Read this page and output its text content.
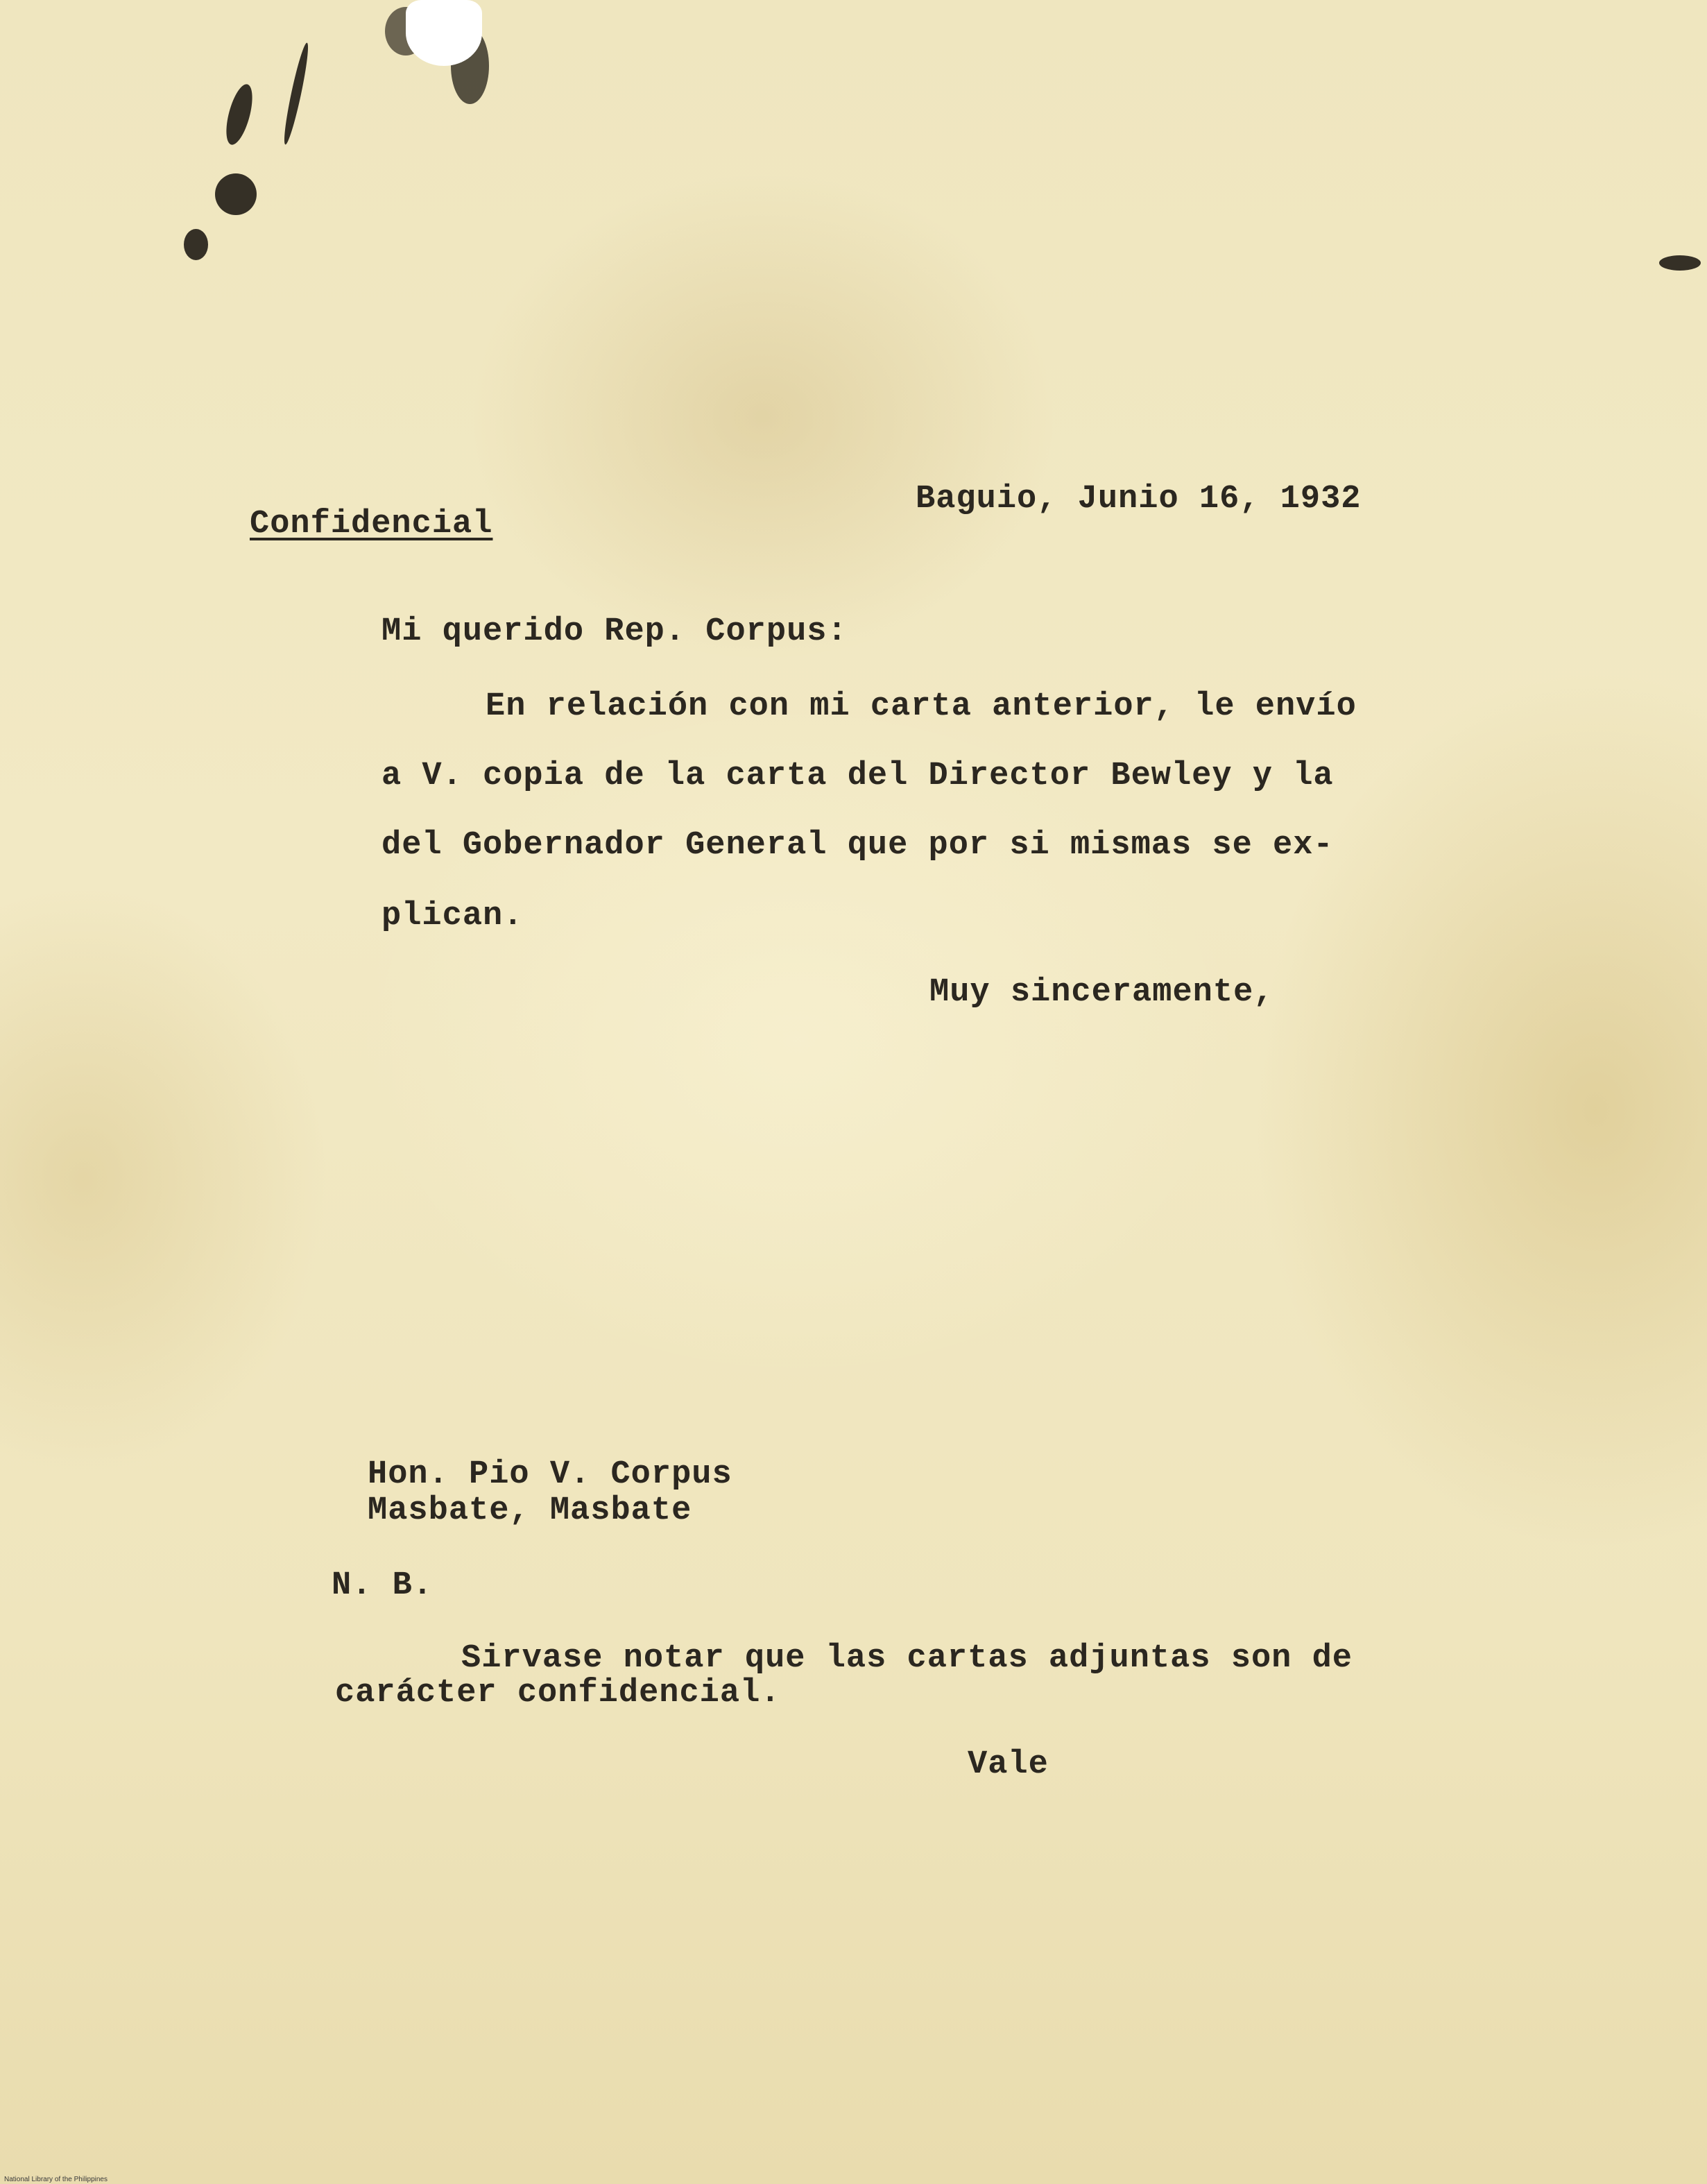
Confidencial
Baguio, Junio 16, 1932
Mi querido Rep. Corpus:
En relación con mi carta anterior, le envío
a V. copia de la carta del Director Bewley y la
del Gobernador General que por si mismas se ex-
plican.
Muy sinceramente,
Hon. Pio V. Corpus
Masbate, Masbate
N. B.
Sirvase notar que las cartas adjuntas son de
carácter confidencial.
Vale
National Library of the Philippines
